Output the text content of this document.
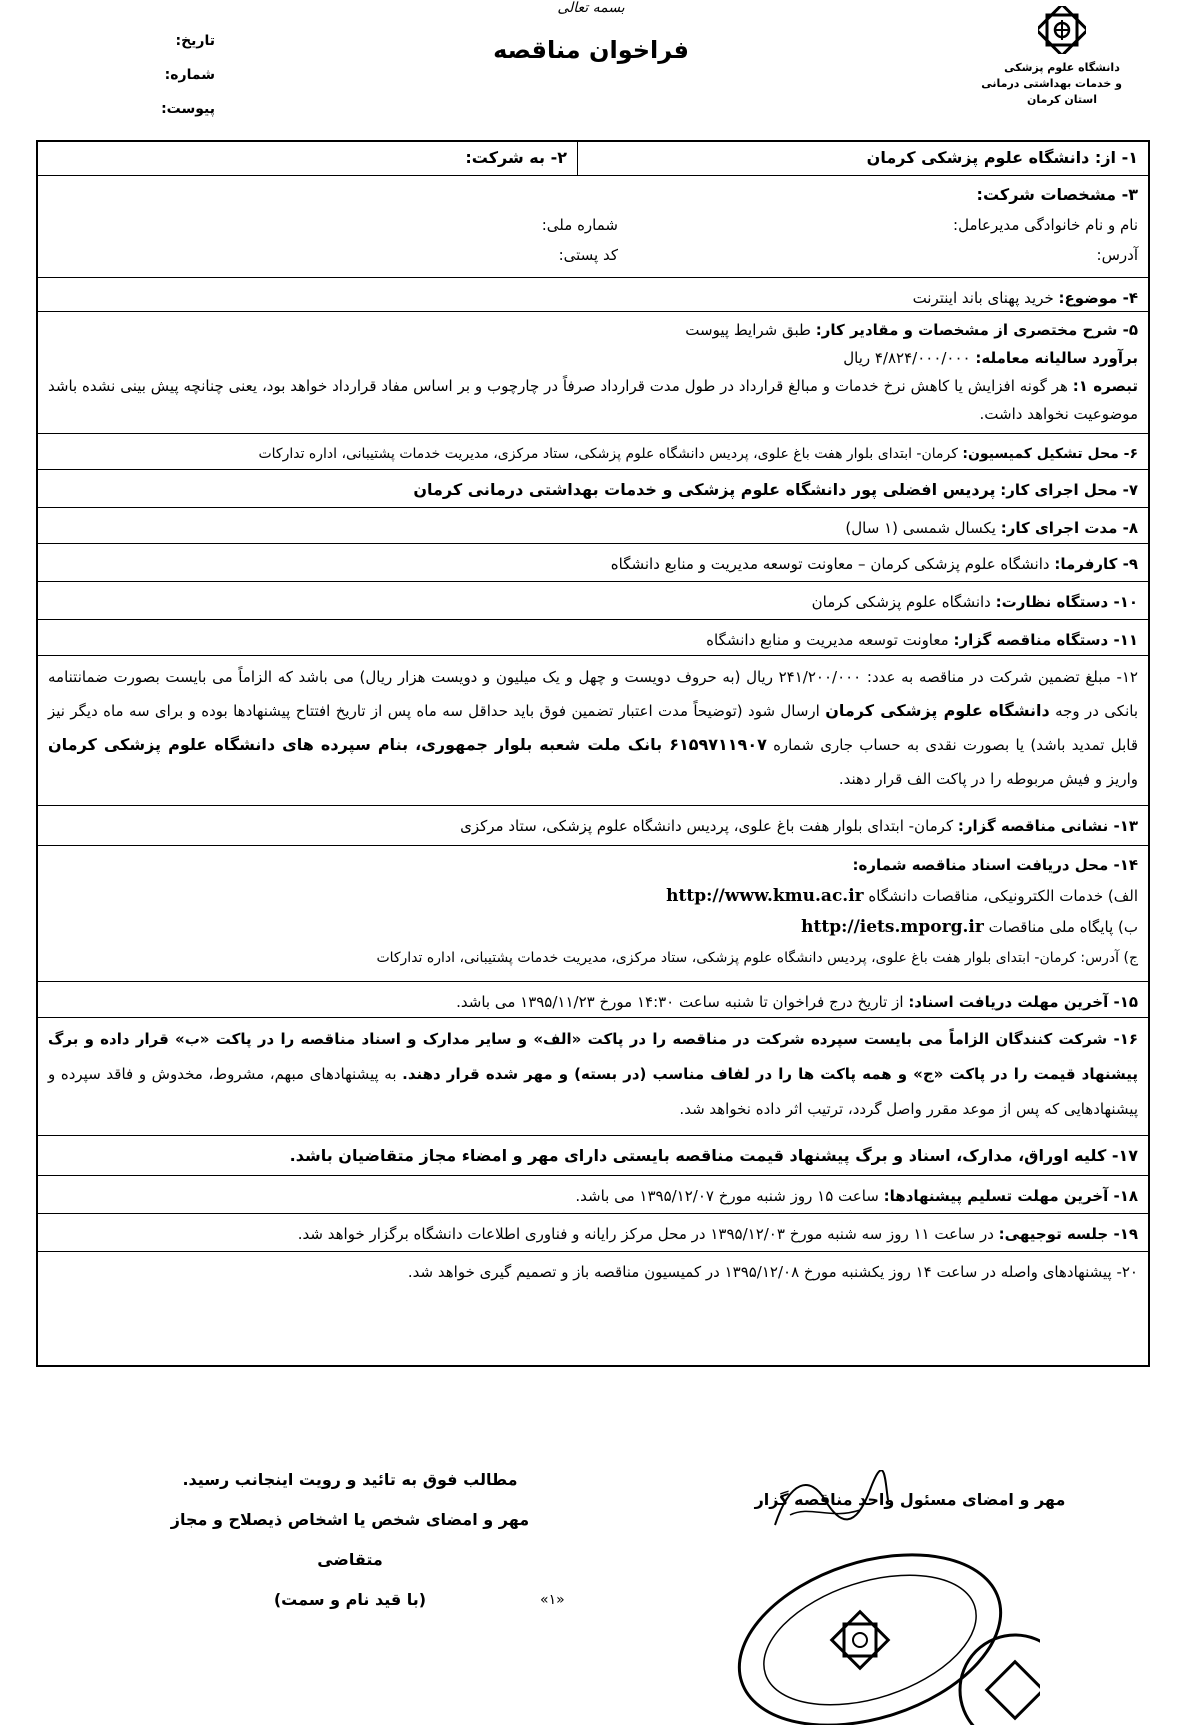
بسمه تعالی
فراخوان مناقصه
دانشگاه علوم پزشکی
و خدمات بهداشتی درمانی
استان کرمان
تاریخ:
شماره:
پیوست:
۱- از: دانشگاه علوم پزشکی کرمان
۲- به شرکت:
۳- مشخصات شرکت:
نام و نام خانوادگی مدیرعامل:
شماره ملی:
آدرس:
کد پستی:
۴- موضوع: خرید پهنای باند اینترنت
۵- شرح مختصری از مشخصات و مقادیر کار: طبق شرایط پیوست
برآورد سالیانه معامله: ۴/۸۲۴/۰۰۰/۰۰۰ ریال
تبصره ۱: هر گونه افزایش یا کاهش نرخ خدمات و مبالغ قرارداد در طول مدت قرارداد صرفاً در چارچوب و بر اساس مفاد قرارداد خواهد بود، یعنی چنانچه پیش بینی نشده باشد موضوعیت نخواهد داشت.
۶- محل تشکیل کمیسیون: کرمان- ابتدای بلوار هفت باغ علوی، پردیس دانشگاه علوم پزشکی، ستاد مرکزی، مدیریت خدمات پشتیبانی، اداره تدارکات
۷- محل اجرای کار: پردیس افضلی پور دانشگاه علوم پزشکی و خدمات بهداشتی درمانی کرمان
۸- مدت اجرای کار: یکسال شمسی (۱ سال)
۹- کارفرما: دانشگاه علوم پزشکی کرمان – معاونت توسعه مدیریت و منابع دانشگاه
۱۰- دستگاه نظارت: دانشگاه علوم پزشکی کرمان
۱۱- دستگاه مناقصه گزار: معاونت توسعه مدیریت و منابع دانشگاه
۱۲- مبلغ تضمین شرکت در مناقصه به عدد: ۲۴۱/۲۰۰/۰۰۰ ریال (به حروف دویست و چهل و یک میلیون و دویست هزار ریال) می باشد که الزاماً می بایست بصورت ضمانتنامه بانکی در وجه دانشگاه علوم پزشکی کرمان ارسال شود (توضیحاً مدت اعتبار تضمین فوق باید حداقل سه ماه پس از تاریخ افتتاح پیشنهادها بوده و برای سه ماه دیگر نیز قابل تمدید باشد) یا بصورت نقدی به حساب جاری شماره ۶۱۵۹۷۱۱۹۰۷ بانک ملت شعبه بلوار جمهوری، بنام سپرده های دانشگاه علوم پزشکی کرمان واریز و فیش مربوطه را در پاکت الف قرار دهند.
۱۳- نشانی مناقصه گزار: کرمان- ابتدای بلوار هفت باغ علوی، پردیس دانشگاه علوم پزشکی، ستاد مرکزی
۱۴- محل دریافت اسناد مناقصه شماره:
الف) خدمات الکترونیکی، مناقصات دانشگاه http://www.kmu.ac.ir
ب) پایگاه ملی مناقصات http://iets.mporg.ir
ج) آدرس: کرمان- ابتدای بلوار هفت باغ علوی، پردیس دانشگاه علوم پزشکی، ستاد مرکزی، مدیریت خدمات پشتیبانی، اداره تدارکات
۱۵- آخرین مهلت دریافت اسناد: از تاریخ درج فراخوان تا شنبه ساعت ۱۴:۳۰ مورخ ۱۳۹۵/۱۱/۲۳ می باشد.
۱۶- شرکت کنندگان الزاماً می بایست سپرده شرکت در مناقصه را در پاکت «الف» و سایر مدارک و اسناد مناقصه را در پاکت «ب» قرار داده و برگ پیشنهاد قیمت را در پاکت «ج» و همه پاکت ها را در لفاف مناسب (در بسته) و مهر شده قرار دهند. به پیشنهادهای مبهم، مشروط، مخدوش و فاقد سپرده و پیشنهادهایی که پس از موعد مقرر واصل گردد، ترتیب اثر داده نخواهد شد.
۱۷- کلیه اوراق، مدارک، اسناد و برگ پیشنهاد قیمت مناقصه بایستی دارای مهر و امضاء مجاز متقاضیان باشد.
۱۸- آخرین مهلت تسلیم پیشنهادها: ساعت ۱۵ روز شنبه مورخ ۱۳۹۵/۱۲/۰۷ می باشد.
۱۹- جلسه توجیهی: در ساعت ۱۱ روز سه شنبه مورخ ۱۳۹۵/۱۲/۰۳ در محل مرکز رایانه و فناوری اطلاعات دانشگاه برگزار خواهد شد.
۲۰- پیشنهادهای واصله در ساعت ۱۴ روز یکشنبه مورخ ۱۳۹۵/۱۲/۰۸ در کمیسیون مناقصه باز و تصمیم گیری خواهد شد.
مطالب فوق به تائید و رویت اینجانب رسید.
مهر و امضای شخص یا اشخاص ذیصلاح و مجاز متقاضی
(با قید نام و سمت)
مهر و امضای مسئول واحد مناقصه گزار
«۱»
